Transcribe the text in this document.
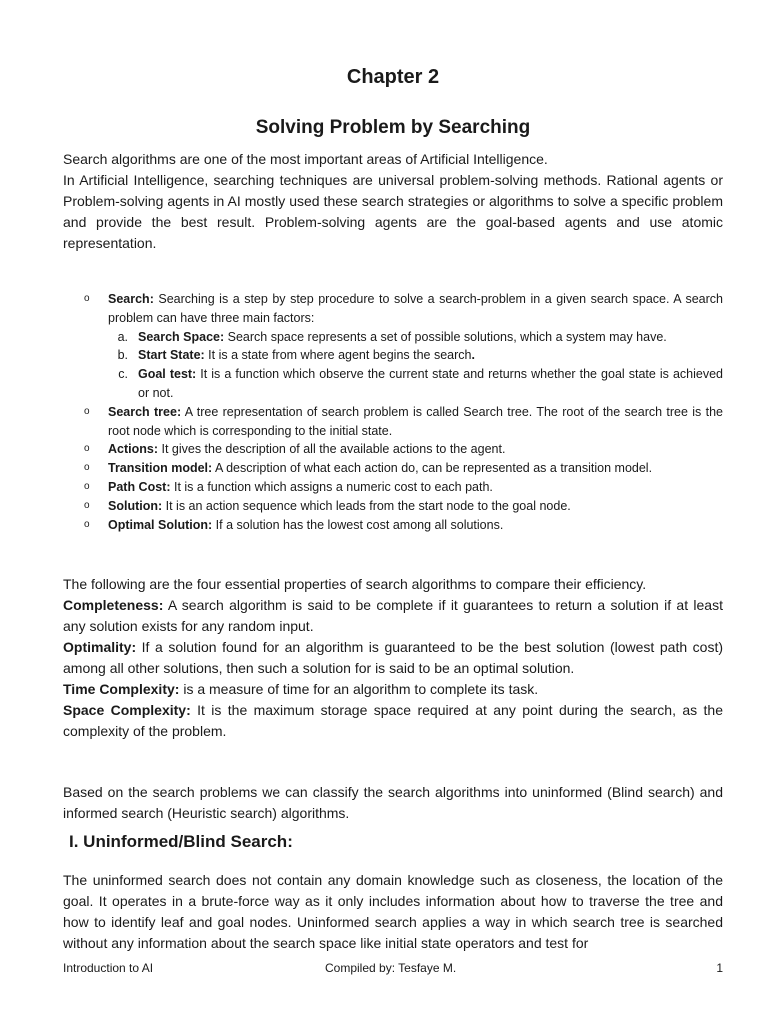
Chapter 2
Solving Problem by Searching

Search algorithms are one of the most important areas of Artificial Intelligence.

In Artificial Intelligence, searching techniques are universal problem-solving methods. Rational agents or Problem-solving agents in AI mostly used these search strategies or algorithms to solve a specific problem and provide the best result. Problem-solving agents are the goal-based agents and use atomic representation.

o	Search: Searching is a step by step procedure to solve a search-problem in a given search space. A search problem can have three main factors:
a. Search Space: Search space represents a set of possible solutions, which a system may have.
b. Start State: It is a state from where agent begins the search.
c. Goal test: It is a function which observe the current state and returns whether the goal state is achieved or not.
o	Search tree: A tree representation of search problem is called Search tree. The root of the search tree is the root node which is corresponding to the initial state.
o	Actions: It gives the description of all the available actions to the agent.
o	Transition model: A description of what each action do, can be represented as a transition model.
o	Path Cost: It is a function which assigns a numeric cost to each path.
o	Solution: It is an action sequence which leads from the start node to the goal node.
o	Optimal Solution: If a solution has the lowest cost among all solutions.

The following are the four essential properties of search algorithms to compare their efficiency.

Completeness: A search algorithm is said to be complete if it guarantees to return a solution if at least any solution exists for any random input.

Optimality: If a solution found for an algorithm is guaranteed to be the best solution (lowest path cost) among all other solutions, then such a solution for is said to be an optimal solution.

Time Complexity: is a measure of time for an algorithm to complete its task.

Space Complexity: It is the maximum storage space required at any point during the search, as the complexity of the problem.

Based on the search problems we can classify the search algorithms into uninformed (Blind search) and informed search (Heuristic search) algorithms.
I. Uninformed/Blind Search:
The uninformed search does not contain any domain knowledge such as closeness, the location of the goal. It operates in a brute-force way as it only includes information about how to traverse the tree and how to identify leaf and goal nodes. Uninformed search applies a way in which search tree is searched without any information about the search space like initial state operators and test for
Introduction to AI	Compiled by: Tesfaye M.	1
